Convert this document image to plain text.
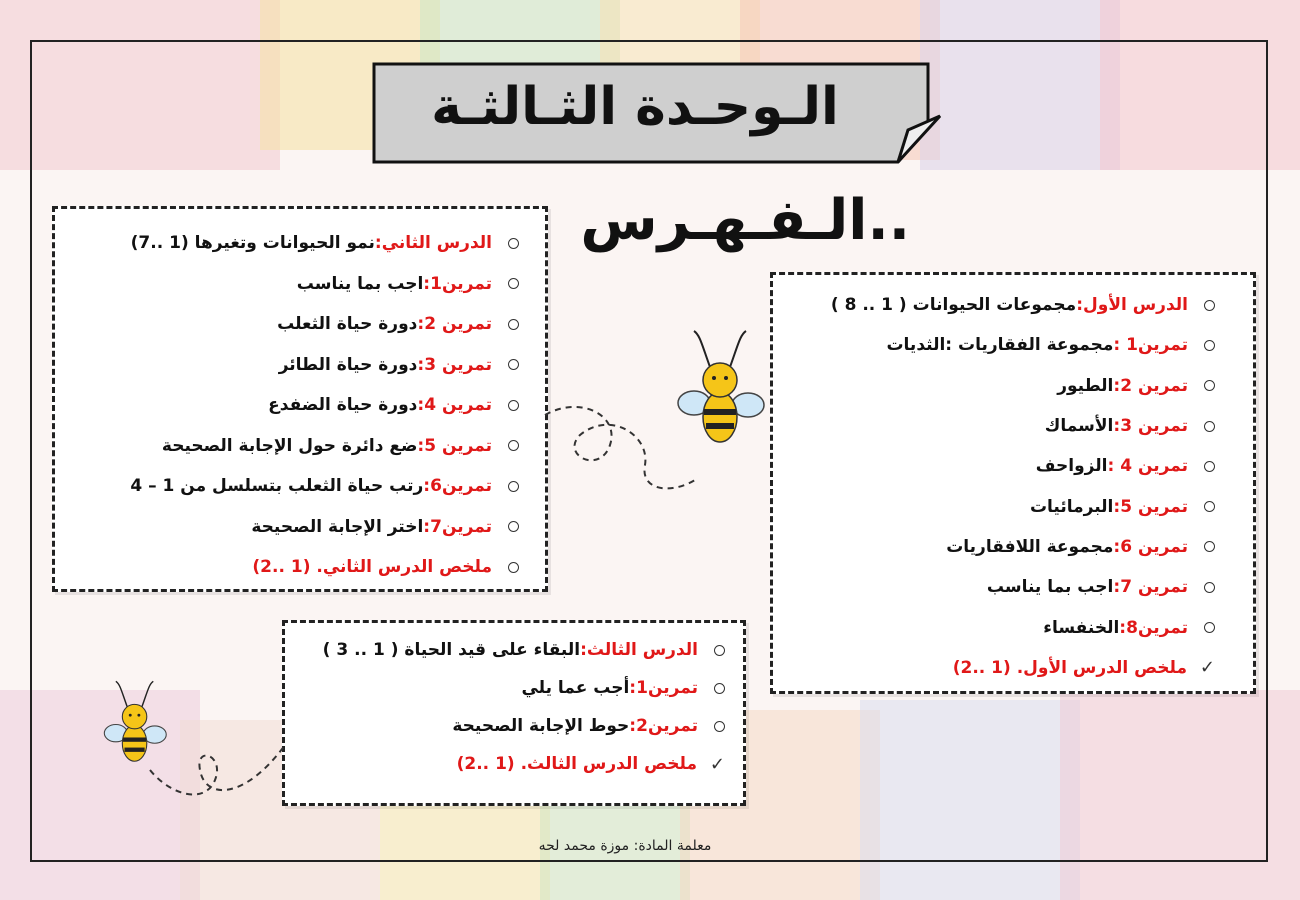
الـوحـدة الثـالثـة
الـفـهـرس..
الدرس الثاني:
نمو الحيوانات وتغيرها (1 ..7)
تمرين1:
اجب بما يناسب
تمرين 2:
دورة حياة الثعلب
تمرين 3:
دورة حياة الطائر
تمرين 4:
دورة حياة الضفدع
تمرين 5:
ضع دائرة حول الإجابة الصحيحة
تمرين6:
رتب حياة الثعلب بتسلسل من 1 – 4
تمرين7:
اختر الإجابة الصحيحة
ملخص الدرس الثاني. (1 ..2)
الدرس الأول:
مجموعات الحيوانات ( 1 .. 8 )
تمرين1 :
مجموعة الفقاريات :الثديات
تمرين 2:
الطيور
تمرين 3:
الأسماك
تمرين 4 :
الزواحف
تمرين 5:
البرمائيات
تمرين 6:
مجموعة اللافقاريات
تمرين 7:
اجب بما يناسب
تمرين8:
الخنفساء
✓
ملخص الدرس الأول. (1 ..2)
الدرس الثالث:
البقاء على قيد الحياة ( 1 .. 3 )
تمرين1:
أجب عما يلي
تمرين2:
حوط الإجابة الصحيحة
✓
ملخص الدرس الثالث. (1 ..2)
معلمة المادة: موزة محمد لحه
